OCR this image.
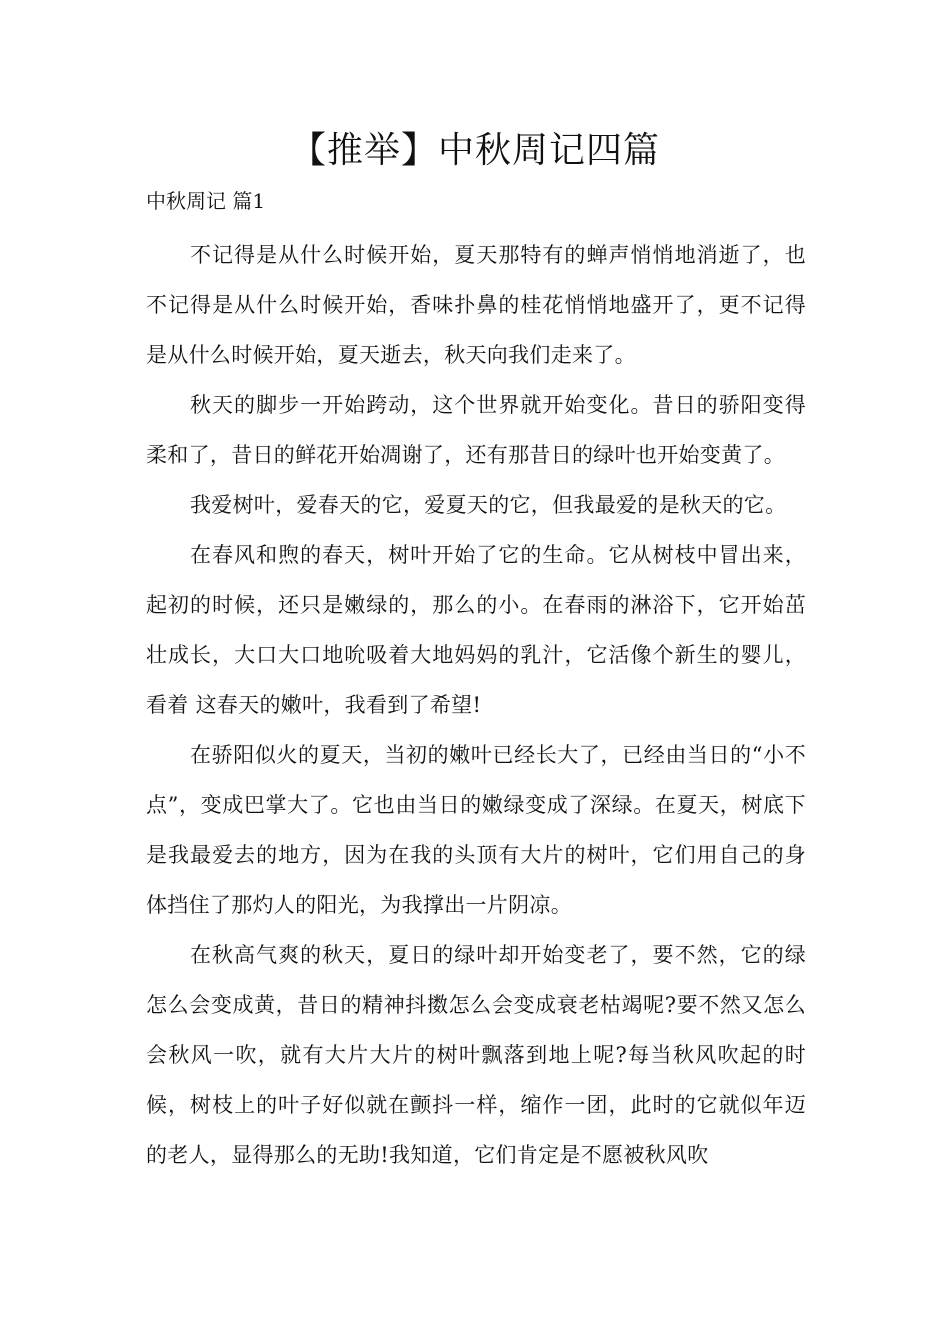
【推举】中秋周记四篇
中秋周记 篇1

不记得是从什么时候开始，夏天那特有的蝉声悄悄地消逝了，也不记得是从什么时候开始，香味扑鼻的桂花悄悄地盛开了，更不记得是从什么时候开始，夏天逝去，秋天向我们走来了。

秋天的脚步一开始跨动，这个世界就开始变化。昔日的骄阳变得柔和了，昔日的鲜花开始凋谢了，还有那昔日的绿叶也开始变黄了。

我爱树叶，爱春天的它，爱夏天的它，但我最爱的是秋天的它。

在春风和煦的春天，树叶开始了它的生命。它从树枝中冒出来，起初的时候，还只是嫩绿的，那么的小。在春雨的淋浴下，它开始茁壮成长，大口大口地吮吸着大地妈妈的乳汁，它活像个新生的婴儿，看着 这春天的嫩叶，我看到了希望!

在骄阳似火的夏天，当初的嫩叶已经长大了，已经由当日的“小不点”，变成巴掌大了。它也由当日的嫩绿变成了深绿。在夏天，树底下是我最爱去的地方，因为在我的头顶有大片的树叶，它们用自己的身体挡住了那灼人的阳光，为我撑出一片阴凉。

在秋高气爽的秋天，夏日的绿叶却开始变老了，要不然，它的绿怎么会变成黄，昔日的精神抖擞怎么会变成衰老枯竭呢?要不然又怎么会秋风一吹，就有大片大片的树叶飘落到地上呢?每当秋风吹起的时候，树枝上的叶子好似就在颤抖一样，缩作一团，此时的它就似年迈的老人，显得那么的无助!我知道，它们肯定是不愿被秋风吹
